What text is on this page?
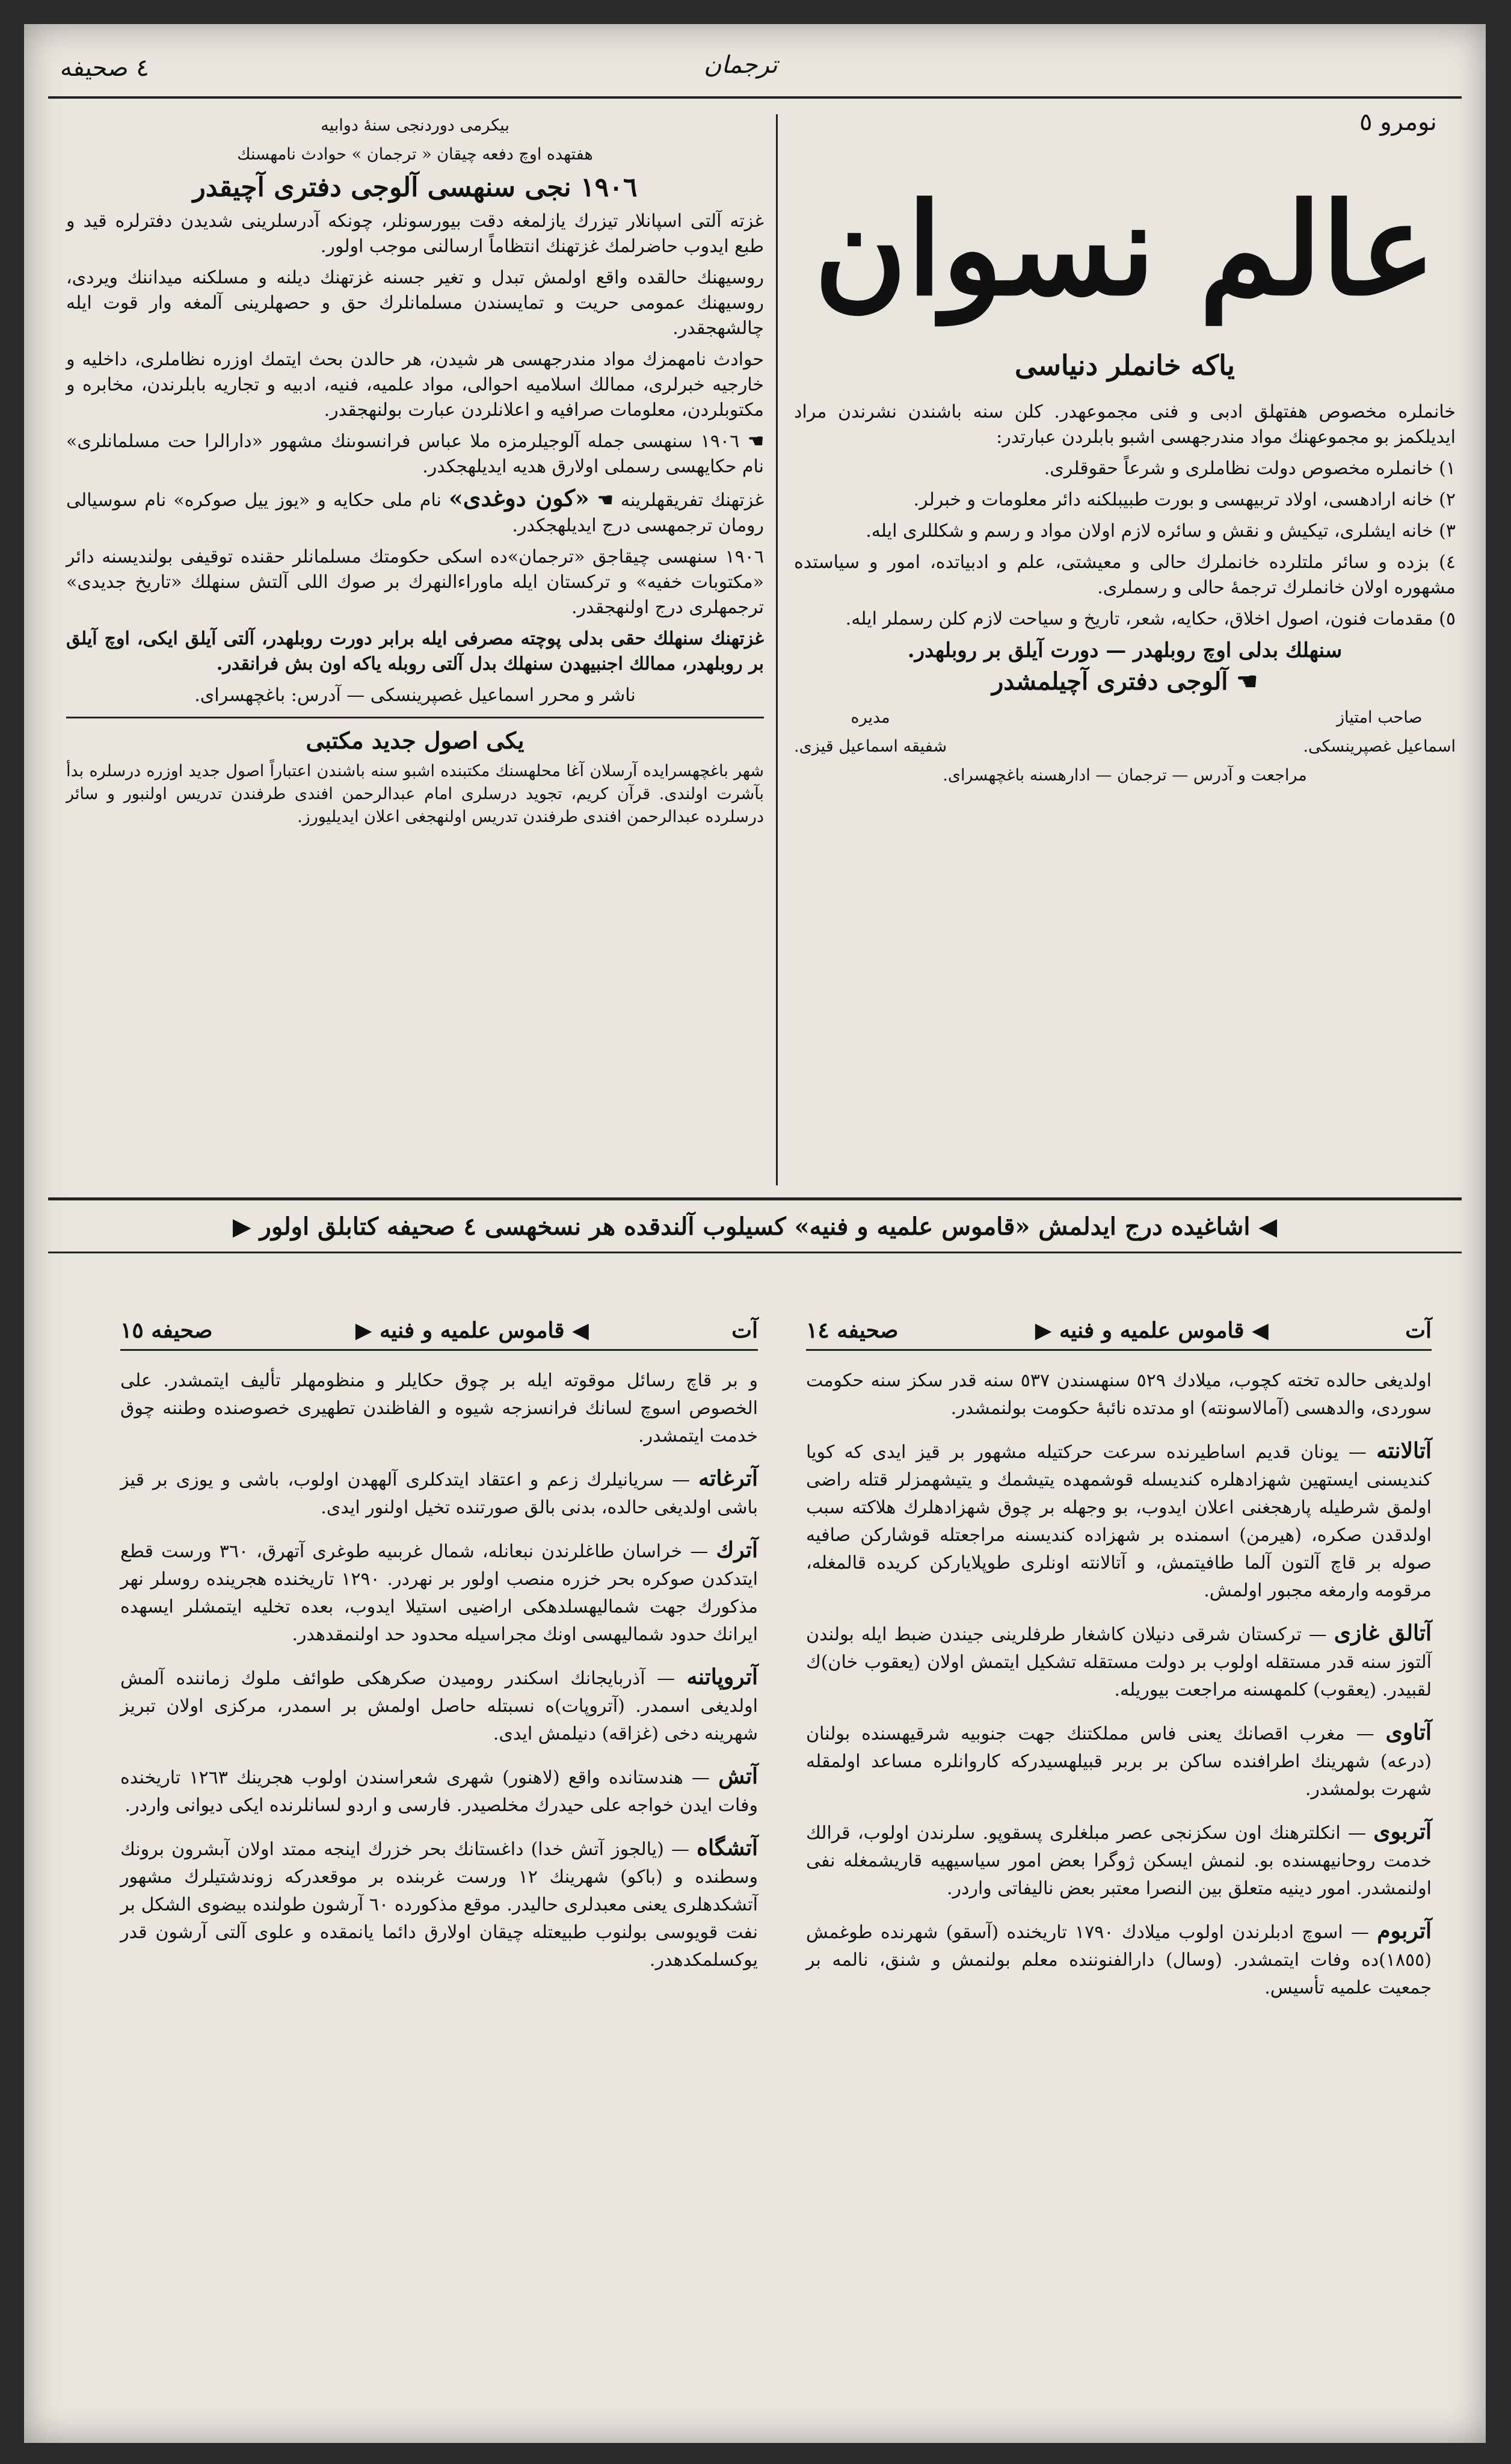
٤ صحيفه	ترجمان
نومرو ٥
بيكرمى دوردنجى سنهٔ دوابيه
هفتهده اوچ دفعه چيقان « ترجمان » حوادث نامهسنك
١٩٠٦ نجى سنهسى آلوجى دفترى آچيقدر

غزته آلتى اسپانلار تيزرك يازلمغه دقت بيورسونلر، چونكه آدرسلرينى شديدن دفترلره قيد و طبع ايدوب حاضرلمك غزتهنك انتظاماً ارسالنى موجب اولور.

روسيهنك حالقده واقع اولمش تبدل و تغير جسنه غزتهنك ديلنه و مسلكنه ميداننك ويردى، روسيهنك عمومى حريت و تمايسندن مسلمانلرك حق و حصهلرينى آلمغه وار قوت ايله چالشهجقدر.

حوادث نامهمزك مواد مندرجهسى هر شيدن، هر حالدن بحث ايتمك اوزره نظاملرى، داخليه و خارجيه خبرلرى، ممالك اسلاميه احوالى، مواد علميه، فنيه، ادبيه و تجاريه بابلرندن، مخابره و مكتوبلردن، معلومات صرافيه و اعلانلردن عبارت بولنهجقدر.

☚ ١٩٠٦ سنهسى جمله آلوجيلرمزه ملا عباس فرانسوىنك مشهور «دارالرا حت مسلمانلرى» نام حكايهسى رسملى اولارق هديه ايديلهجكدر.

غزتهنك تفريقهلرينه ☚ «كون دوغدى» نام ملى حكايه و «يوز ييل صوكره» نام سوسيالى رومان ترجمهسى درج ايديلهجكدر.

١٩٠٦ سنهسى چيقاجق «ترجمان»ده اسكى حكومتك مسلمانلر حقنده توقيفى بولنديسنه دائر «مكتوبات خفيه» و تركستان ايله ماوراءالنهرك بر صوك اللى آلتش سنهلك «تاريخ جديدى» ترجمهلرى درج اولنهجقدر.

غزتهنك سنهلك حقى بدلى پوچته مصرفى ايله برابر دورت روبلهدر، آلتى آيلق ايكى، اوچ آيلق بر روبلهدر، ممالك اجنبيهدن سنهلك بدل آلتى روبله ياكه اون بش فرانقدر.

ناشر و محرر اسماعيل غصپرينسكى — آدرس: باغچهسراى.

يكى اصول جديد مكتبى

شهر باغچهسرايده آرسلان آغا محلهسنك مكتبنده اشبو سنه باشندن اعتباراً اصول جديد اوزره درسلره بدأ بآشرت اولندى. قرآن كريم، تجويد درسلرى امام عبدالرحمن افندى طرفندن تدريس اولنبور و سائر درسلرده عبدالرحمن افندى طرفندن تدريس اولنهجغى اعلان ايديليورز.

عالم نسوان
ياكه خانملر دنياسى

خانملره مخصوص هفتهلق ادبى و فنى مجموعهدر. كلن سنه باشندن نشرندن مراد ايديلكمز بو مجموعهنك مواد مندرجهسى اشبو بابلردن عبارتدر:

١) خانملره مخصوص دولت نظاملرى و شرعاً حقوقلرى.

٢) خانه ارادهسى، اولاد تربيهسى و بورت طبيبلكنه دائر معلومات و خبرلر.

٣) خانه ايشلرى، تيكيش و نقش و سائره لازم اولان مواد و رسم و شكللرى ايله.

٤) بزده و سائر ملتلرده خانملرك حالى و معيشتى، علم و ادبياتده، امور و سياستده مشهوره اولان خانملرك ترجمهٔ حالى و رسملرى.

٥) مقدمات فنون، اصول اخلاق، حكايه، شعر، تاريخ و سياحت لازم كلن رسملر ايله.

سنهلك بدلى اوچ روبلهدر — دورت آيلق بر روبلهدر.

☚ آلوجى دفترى آچيلمشدر

صاحب امتياز
اسماعيل غصپرينسكى.
مديره
شفيقه اسماعيل قيزى.

مراجعت و آدرس — ترجمان — ادارهسنه باغچهسراى.

◀ اشاغيده درج ايدلمش «قاموس علميه و فنيه» كسيلوب آلندقده هر نسخهسى ٤ صحيفه كتابلق اولور ▶
آت
◀ قاموس علميه و فنيه ▶
صحيفه ١٥

و بر قاچ رسائل موقوته ايله بر چوق حكايلر و منظومهلر تأليف ايتمشدر. على الخصوص اسوچ لسانك فرانسزجه شيوه و الفاظندن تطهيرى خصوصنده وطننه چوق خدمت ايتمشدر.

آترغاته — سريانيلرك زعم و اعتقاد ايتدكلرى آلههدن اولوب، باشى و يوزى بر قيز باشى اولديغى حالده، بدنى بالق صورتنده تخيل اولنور ايدى.

آترك — خراسان طاغلرندن نبعانله، شمال غربىيه طوغرى آتهرق، ٣٦٠ ورست قطع ايتدكدن صوكره بحر خزره منصب اولور بر نهردر. ١٢٩٠ تاريخنده هجرينده روسلر نهر مذكورك جهت شماليهسلدهكى اراضيى استيلا ايدوب، بعده تخليه ايتمشلر ايسهده ايرانك حدود شماليهسى اونك مجراسيله محدود حد اولنمقدهدر.

آتروپاتنه — آذربايجانك اسكندر روميدن صكرهكى طوائف ملوك زماننده آلمش اولديغى اسمدر. (آتروپات)ه نسبتله حاصل اولمش بر اسمدر، مركزى اولان تبريز شهرينه دخى (غزاقه) دنيلمش ايدى.

آتش — هندستانده واقع (لاهنور) شهرى شعراسندن اولوب هجرينك ١٢٦٣ تاريخنده وفات ايدن خواجه على حيدرك مخلصيدر. فارسى و اردو لسانلرنده ايكى ديوانى واردر.

آتشگاه — (يالجوز آتش خدا) داغستانك بحر خزرك اينجه ممتد اولان آبشرون برونك وسطنده و (باكو) شهرينك ١٢ ورست غربنده بر موقعدرکه زوندشتيلرك مشهور آتشكدهلرى يعنى معبدلرى حاليدر. موقع مذكورده ٦٠ آرشون طولنده بيضوى الشكل بر نفت قويوسى بولنوب طبيعتله چيقان اولارق دائما يانمقده و علوى آلتى آرشون قدر يوكسلمكدهدر.

آت
◀ قاموس علميه و فنيه ▶
صحيفه ١٤

اولديغى حالده تخته كچوب، ميلادك ٥٢٩ سنهسندن ٥٣٧ سنه قدر سكز سنه حكومت سوردى، والدهسى (آمالاسونته) او مدتده نائبهٔ حكومت بولنمشدر.

آتالانته — يونان قديم اساطيرنده سرعت حركتيله مشهور بر قيز ايدى كه كويا كنديسنى ايستهين شهزادهلره كنديسله قوشمهده يتيشمك و يتيشهمزلر قتله راضى اولمق شرطيله پارهجغنى اعلان ايدوب، بو وجهله بر چوق شهزادهلرك هلاكته سبب اولدقدن صكره، (هيرمن) اسمنده بر شهزاده كنديسنه مراجعتله قوشاركن صافيه صوله بر قاچ آلتون آلما طافيتمش، و آتالانته اونلرى طوپلاياركن كريده قالمغله، مرقومه وارمغه مجبور اولمش.

آتالق غازى — تركستان شرقى دنيلان كاشغار طرفلرينى جيندن ضبط ايله بولندن آلتوز سنه قدر مستقله اولوب بر دولت مستقله تشكيل ايتمش اولان (يعقوب خان)ك لقبيدر. (يعقوب) كلمهسنه مراجعت بيوريله.

آتاوى — مغرب اقصانك يعنى فاس مملكتنك جهت جنوبيه شرقيهسنده بولنان (درعه) شهرينك اطرافنده ساكن بر بربر قبيلهسيدركه كاروانلره مساعد اولمقله شهرت بولمشدر.

آتربوى — انكلترهنك اون سكزنجى عصر مبلغلرى پسقوپو. سلرندن اولوب، قرالك خدمت روحانيهسنده بو. لنمش ايسكن ژوگرا بعض امور سياسيهيه قاريشمغله نفى اولنمشدر. امور دينيه متعلق بين النصرا معتبر بعض ناليفاتى واردر.

آتربوم — اسوچ ادبلرندن اولوب ميلادك ١٧٩٠ تاريخنده (آسقو) شهرنده طوغمش (١٨٥٥)ده وفات ايتمشدر. (وسال) دارالفنوننده معلم بولنمش و شنق، نالمه بر جمعيت علميه تأسيس.
